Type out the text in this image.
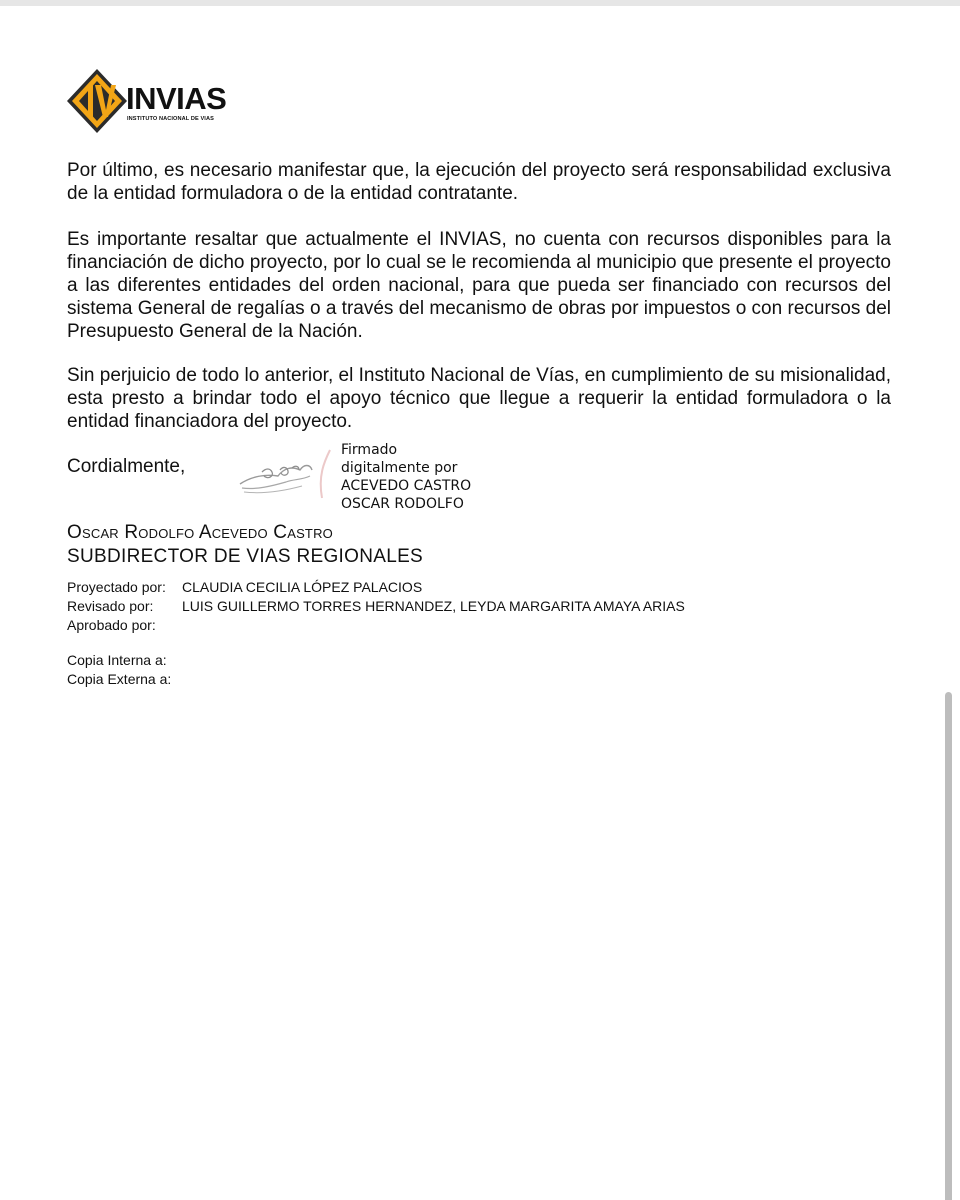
INVIAS
INSTITUTO NACIONAL DE VIAS

Por último, es necesario manifestar que, la ejecución del proyecto será responsabilidad exclusiva de la entidad formuladora o de la entidad contratante.

Es importante resaltar que actualmente el INVIAS, no cuenta con recursos disponibles para la financiación de dicho proyecto, por lo cual se le recomienda al municipio que presente el proyecto a las diferentes entidades del orden nacional, para que pueda ser financiado con recursos del sistema General de regalías o a través del mecanismo de obras por impuestos o con recursos del Presupuesto General de la Nación.

Sin perjuicio de todo lo anterior, el Instituto Nacional de Vías, en cumplimiento de su misionalidad, esta presto a brindar todo el apoyo técnico que llegue a requerir la entidad formuladora o la entidad financiadora del proyecto.

Cordialmente,
Firmado
digitalmente por
ACEVEDO CASTRO
OSCAR RODOLFO
Oscar Rodolfo Acevedo Castro
SUBDIRECTOR DE VIAS REGIONALES
Proyectado por: CLAUDIA CECILIA LÓPEZ PALACIOS
Revisado por: LUIS GUILLERMO TORRES HERNANDEZ, LEYDA MARGARITA AMAYA ARIAS
Aprobado por:
Copia Interna a:
Copia Externa a:
